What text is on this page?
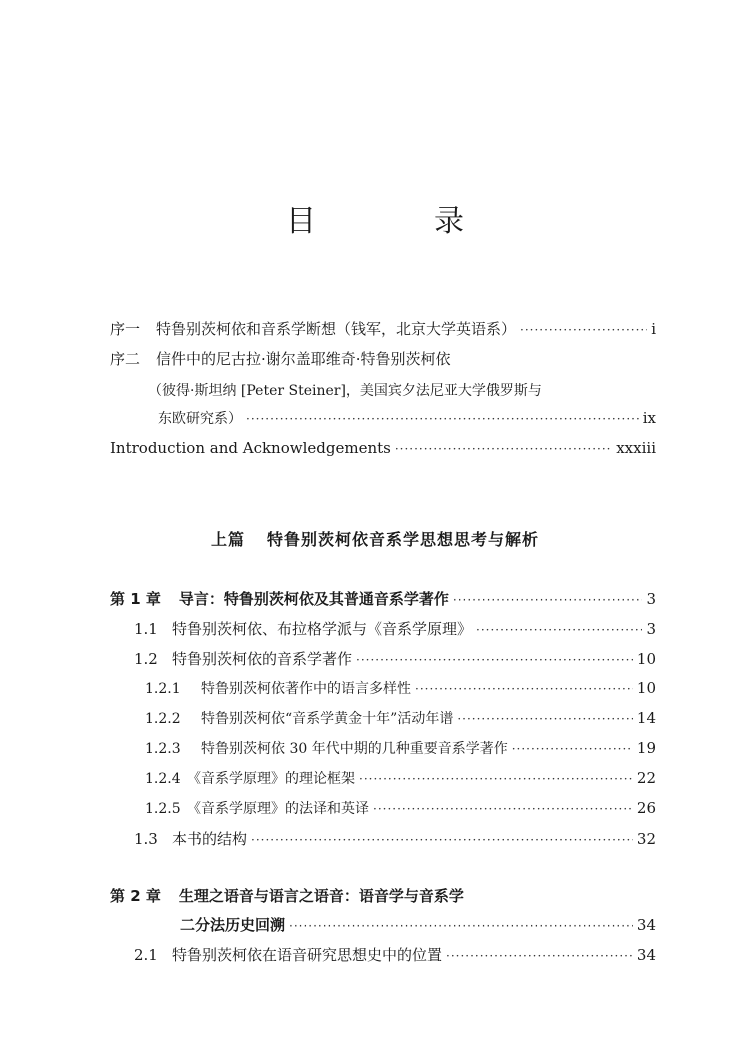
目　录
序一 特鲁别茨柯依和音系学断想（钱军，北京大学英语系） ·····	i
序二 信件中的尼古拉·谢尔盖耶维奇·特鲁别茨柯依
（彼得·斯坦纳 [Peter Steiner]，美国宾夕法尼亚大学俄罗斯与
东欧研究系） ·····	ix
Introduction and Acknowledgements ·····	xxxiii
上篇 特鲁别茨柯依音系学思想思考与解析
第 1 章 导言：特鲁别茨柯依及其普通音系学著作 ·····	3
1.1 特鲁别茨柯依、布拉格学派与《音系学原理》 ·····	3
1.2 特鲁别茨柯依的音系学著作 ·····	10
1.2.1 特鲁别茨柯依著作中的语言多样性 ·····	10
1.2.2 特鲁别茨柯依“音系学黄金十年”活动年谱 ·····	14
1.2.3 特鲁别茨柯依 30 年代中期的几种重要音系学著作 ·····	19
1.2.4 《音系学原理》的理论框架 ·····	22
1.2.5 《音系学原理》的法译和英译 ·····	26
1.3 本书的结构 ·····	32
第 2 章 生理之语音与语言之语音：语音学与音系学
二分法历史回溯 ·····	34
2.1 特鲁别茨柯依在语音研究思想史中的位置 ·····	34
